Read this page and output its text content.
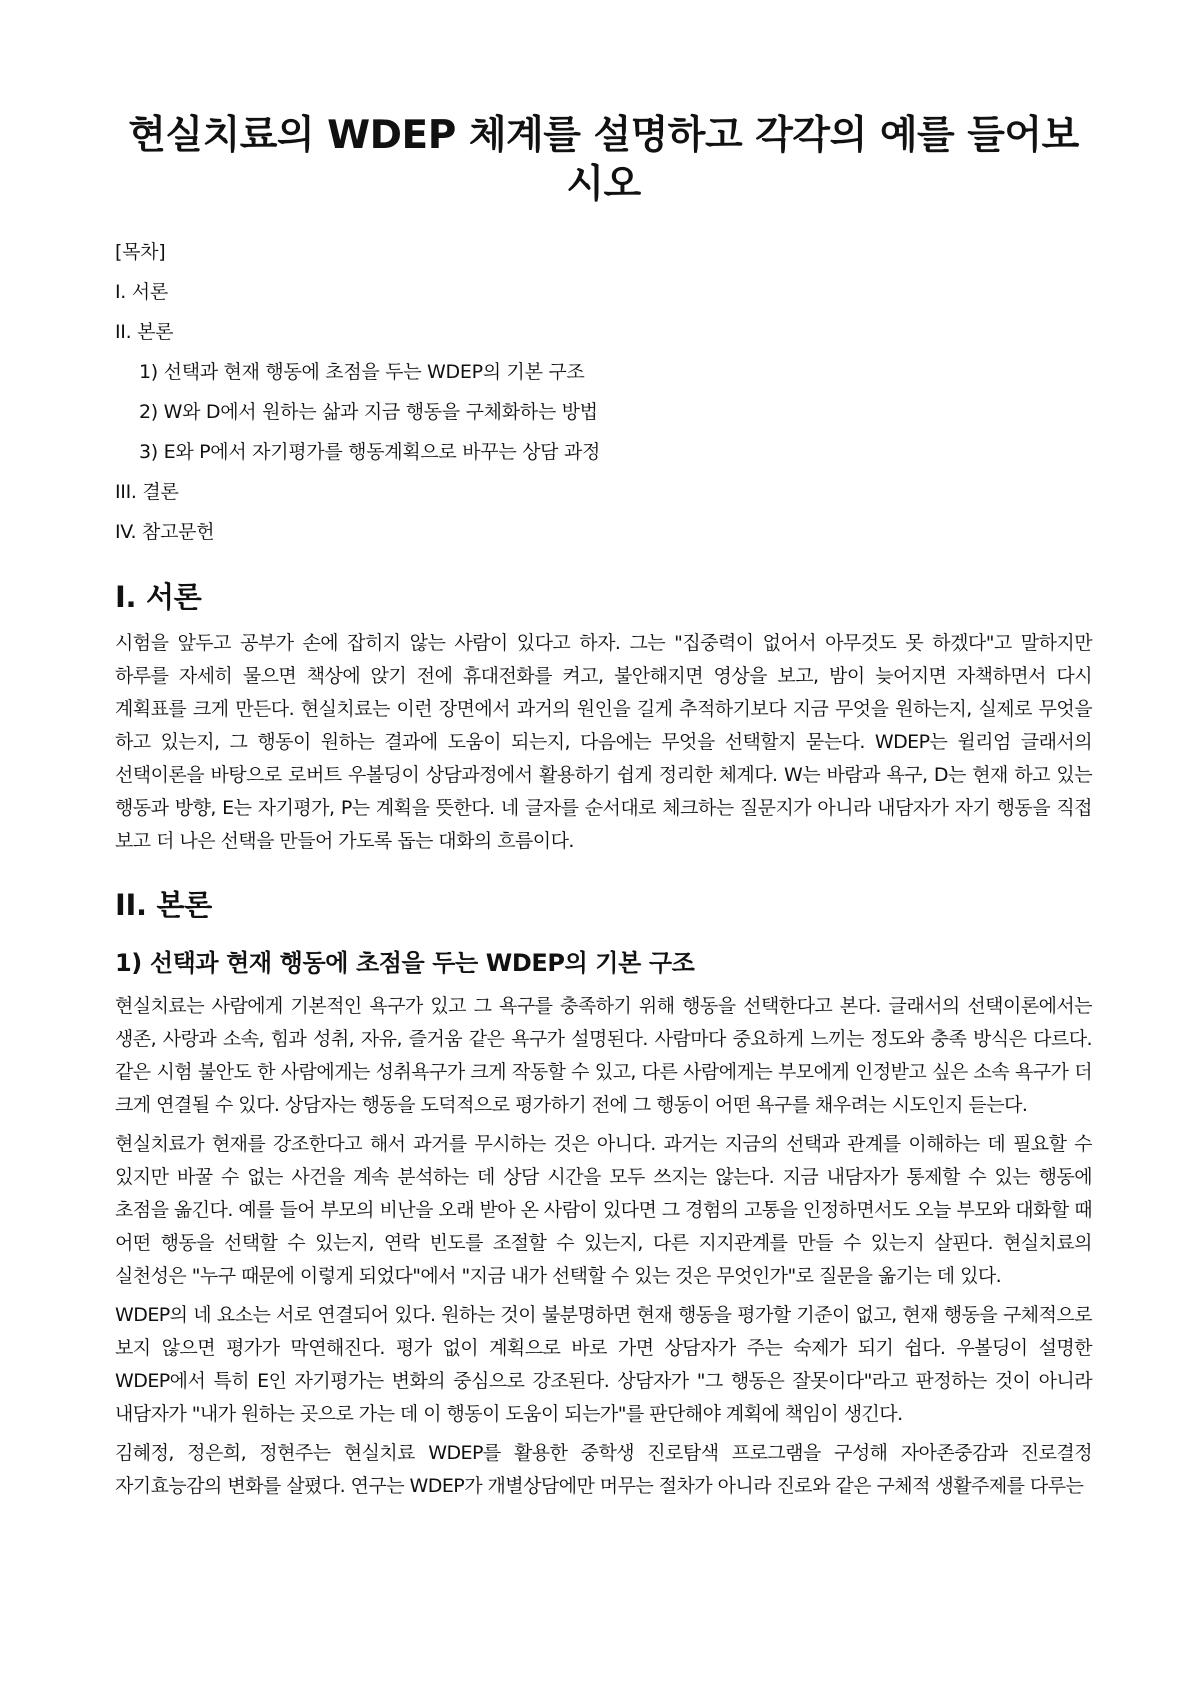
현실치료의 WDEP 체계를 설명하고 각각의 예를 들어보시오
[목차]
I. 서론
II. 본론
1) 선택과 현재 행동에 초점을 두는 WDEP의 기본 구조
2) W와 D에서 원하는 삶과 지금 행동을 구체화하는 방법
3) E와 P에서 자기평가를 행동계획으로 바꾸는 상담 과정
III. 결론
IV. 참고문헌
I. 서론

시험을 앞두고 공부가 손에 잡히지 않는 사람이 있다고 하자. 그는 "집중력이 없어서 아무것도 못 하겠다"고 말하지만 하루를 자세히 물으면 책상에 앉기 전에 휴대전화를 켜고, 불안해지면 영상을 보고, 밤이 늦어지면 자책하면서 다시 계획표를 크게 만든다. 현실치료는 이런 장면에서 과거의 원인을 길게 추적하기보다 지금 무엇을 원하는지, 실제로 무엇을 하고 있는지, 그 행동이 원하는 결과에 도움이 되는지, 다음에는 무엇을 선택할지 묻는다. WDEP는 윌리엄 글래서의 선택이론을 바탕으로 로버트 우볼딩이 상담과정에서 활용하기 쉽게 정리한 체계다. W는 바람과 욕구, D는 현재 하고 있는 행동과 방향, E는 자기평가, P는 계획을 뜻한다. 네 글자를 순서대로 체크하는 질문지가 아니라 내담자가 자기 행동을 직접 보고 더 나은 선택을 만들어 가도록 돕는 대화의 흐름이다.

II. 본론
1) 선택과 현재 행동에 초점을 두는 WDEP의 기본 구조

현실치료는 사람에게 기본적인 욕구가 있고 그 욕구를 충족하기 위해 행동을 선택한다고 본다. 글래서의 선택이론에서는 생존, 사랑과 소속, 힘과 성취, 자유, 즐거움 같은 욕구가 설명된다. 사람마다 중요하게 느끼는 정도와 충족 방식은 다르다. 같은 시험 불안도 한 사람에게는 성취욕구가 크게 작동할 수 있고, 다른 사람에게는 부모에게 인정받고 싶은 소속 욕구가 더 크게 연결될 수 있다. 상담자는 행동을 도덕적으로 평가하기 전에 그 행동이 어떤 욕구를 채우려는 시도인지 듣는다.

현실치료가 현재를 강조한다고 해서 과거를 무시하는 것은 아니다. 과거는 지금의 선택과 관계를 이해하는 데 필요할 수 있지만 바꿀 수 없는 사건을 계속 분석하는 데 상담 시간을 모두 쓰지는 않는다. 지금 내담자가 통제할 수 있는 행동에 초점을 옮긴다. 예를 들어 부모의 비난을 오래 받아 온 사람이 있다면 그 경험의 고통을 인정하면서도 오늘 부모와 대화할 때 어떤 행동을 선택할 수 있는지, 연락 빈도를 조절할 수 있는지, 다른 지지관계를 만들 수 있는지 살핀다. 현실치료의 실천성은 "누구 때문에 이렇게 되었다"에서 "지금 내가 선택할 수 있는 것은 무엇인가"로 질문을 옮기는 데 있다.

WDEP의 네 요소는 서로 연결되어 있다. 원하는 것이 불분명하면 현재 행동을 평가할 기준이 없고, 현재 행동을 구체적으로 보지 않으면 평가가 막연해진다. 평가 없이 계획으로 바로 가면 상담자가 주는 숙제가 되기 쉽다. 우볼딩이 설명한 WDEP에서 특히 E인 자기평가는 변화의 중심으로 강조된다. 상담자가 "그 행동은 잘못이다"라고 판정하는 것이 아니라 내담자가 "내가 원하는 곳으로 가는 데 이 행동이 도움이 되는가"를 판단해야 계획에 책임이 생긴다.

김혜정, 정은희, 정현주는 현실치료 WDEP를 활용한 중학생 진로탐색 프로그램을 구성해 자아존중감과 진로결정 자기효능감의 변화를 살폈다. 연구는 WDEP가 개별상담에만 머무는 절차가 아니라 진로와 같은 구체적 생활주제를 다루는
